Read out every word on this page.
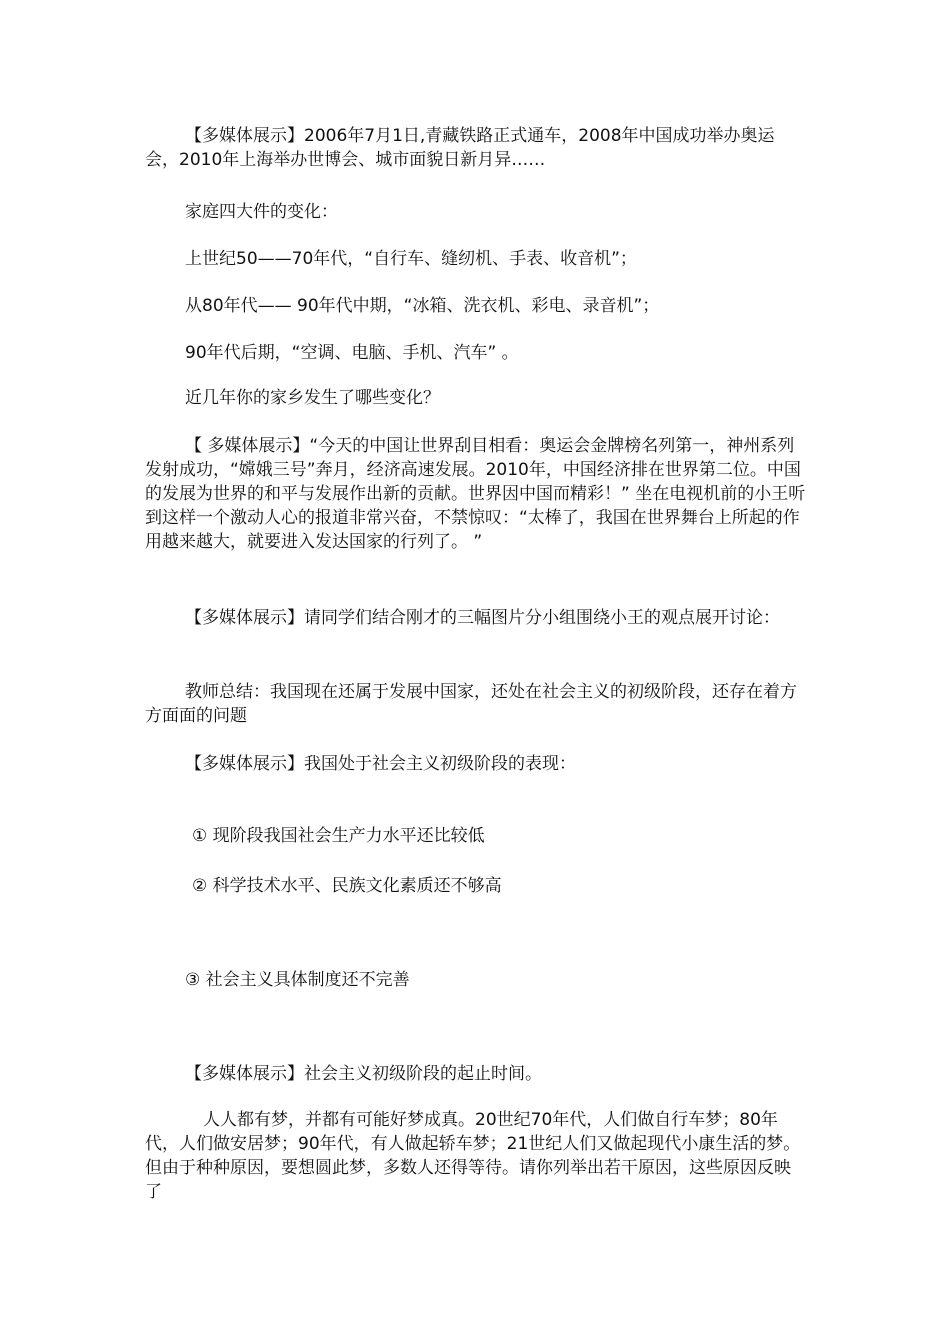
【多媒体展示】2006年7月1日,青藏铁路正式通车，2008年中国成功举办奥运会，2010年上海举办世博会、城市面貌日新月异……

家庭四大件的变化：

上世纪50——70年代，“自行车、缝纫机、手表、收音机”；

从80年代—— 90年代中期，“冰箱、洗衣机、彩电、录音机”；

90年代后期，“空调、电脑、手机、汽车” 。

近几年你的家乡发生了哪些变化？

【 多媒体展示】“今天的中国让世界刮目相看：奥运会金牌榜名列第一，神州系列发射成功，“嫦娥三号”奔月，经济高速发展。2010年，中国经济排在世界第二位。中国的发展为世界的和平与发展作出新的贡献。世界因中国而精彩！” 坐在电视机前的小王听到这样一个激动人心的报道非常兴奋，不禁惊叹：“太棒了，我国在世界舞台上所起的作用越来越大，就要进入发达国家的行列了。 ”

【多媒体展示】请同学们结合刚才的三幅图片分小组围绕小王的观点展开讨论：

教师总结：我国现在还属于发展中国家，还处在社会主义的初级阶段，还存在着方方面面的问题

【多媒体展示】我国处于社会主义初级阶段的表现：

① 现阶段我国社会生产力水平还比较低

② 科学技术水平、民族文化素质还不够高

③ 社会主义具体制度还不完善

【多媒体展示】社会主义初级阶段的起止时间。

人人都有梦，并都有可能好梦成真。20世纪70年代，人们做自行车梦；80年代，人们做安居梦；90年代，有人做起轿车梦；21世纪人们又做起现代小康生活的梦。但由于种种原因，要想圆此梦，多数人还得等待。请你列举出若干原因，这些原因反映了
